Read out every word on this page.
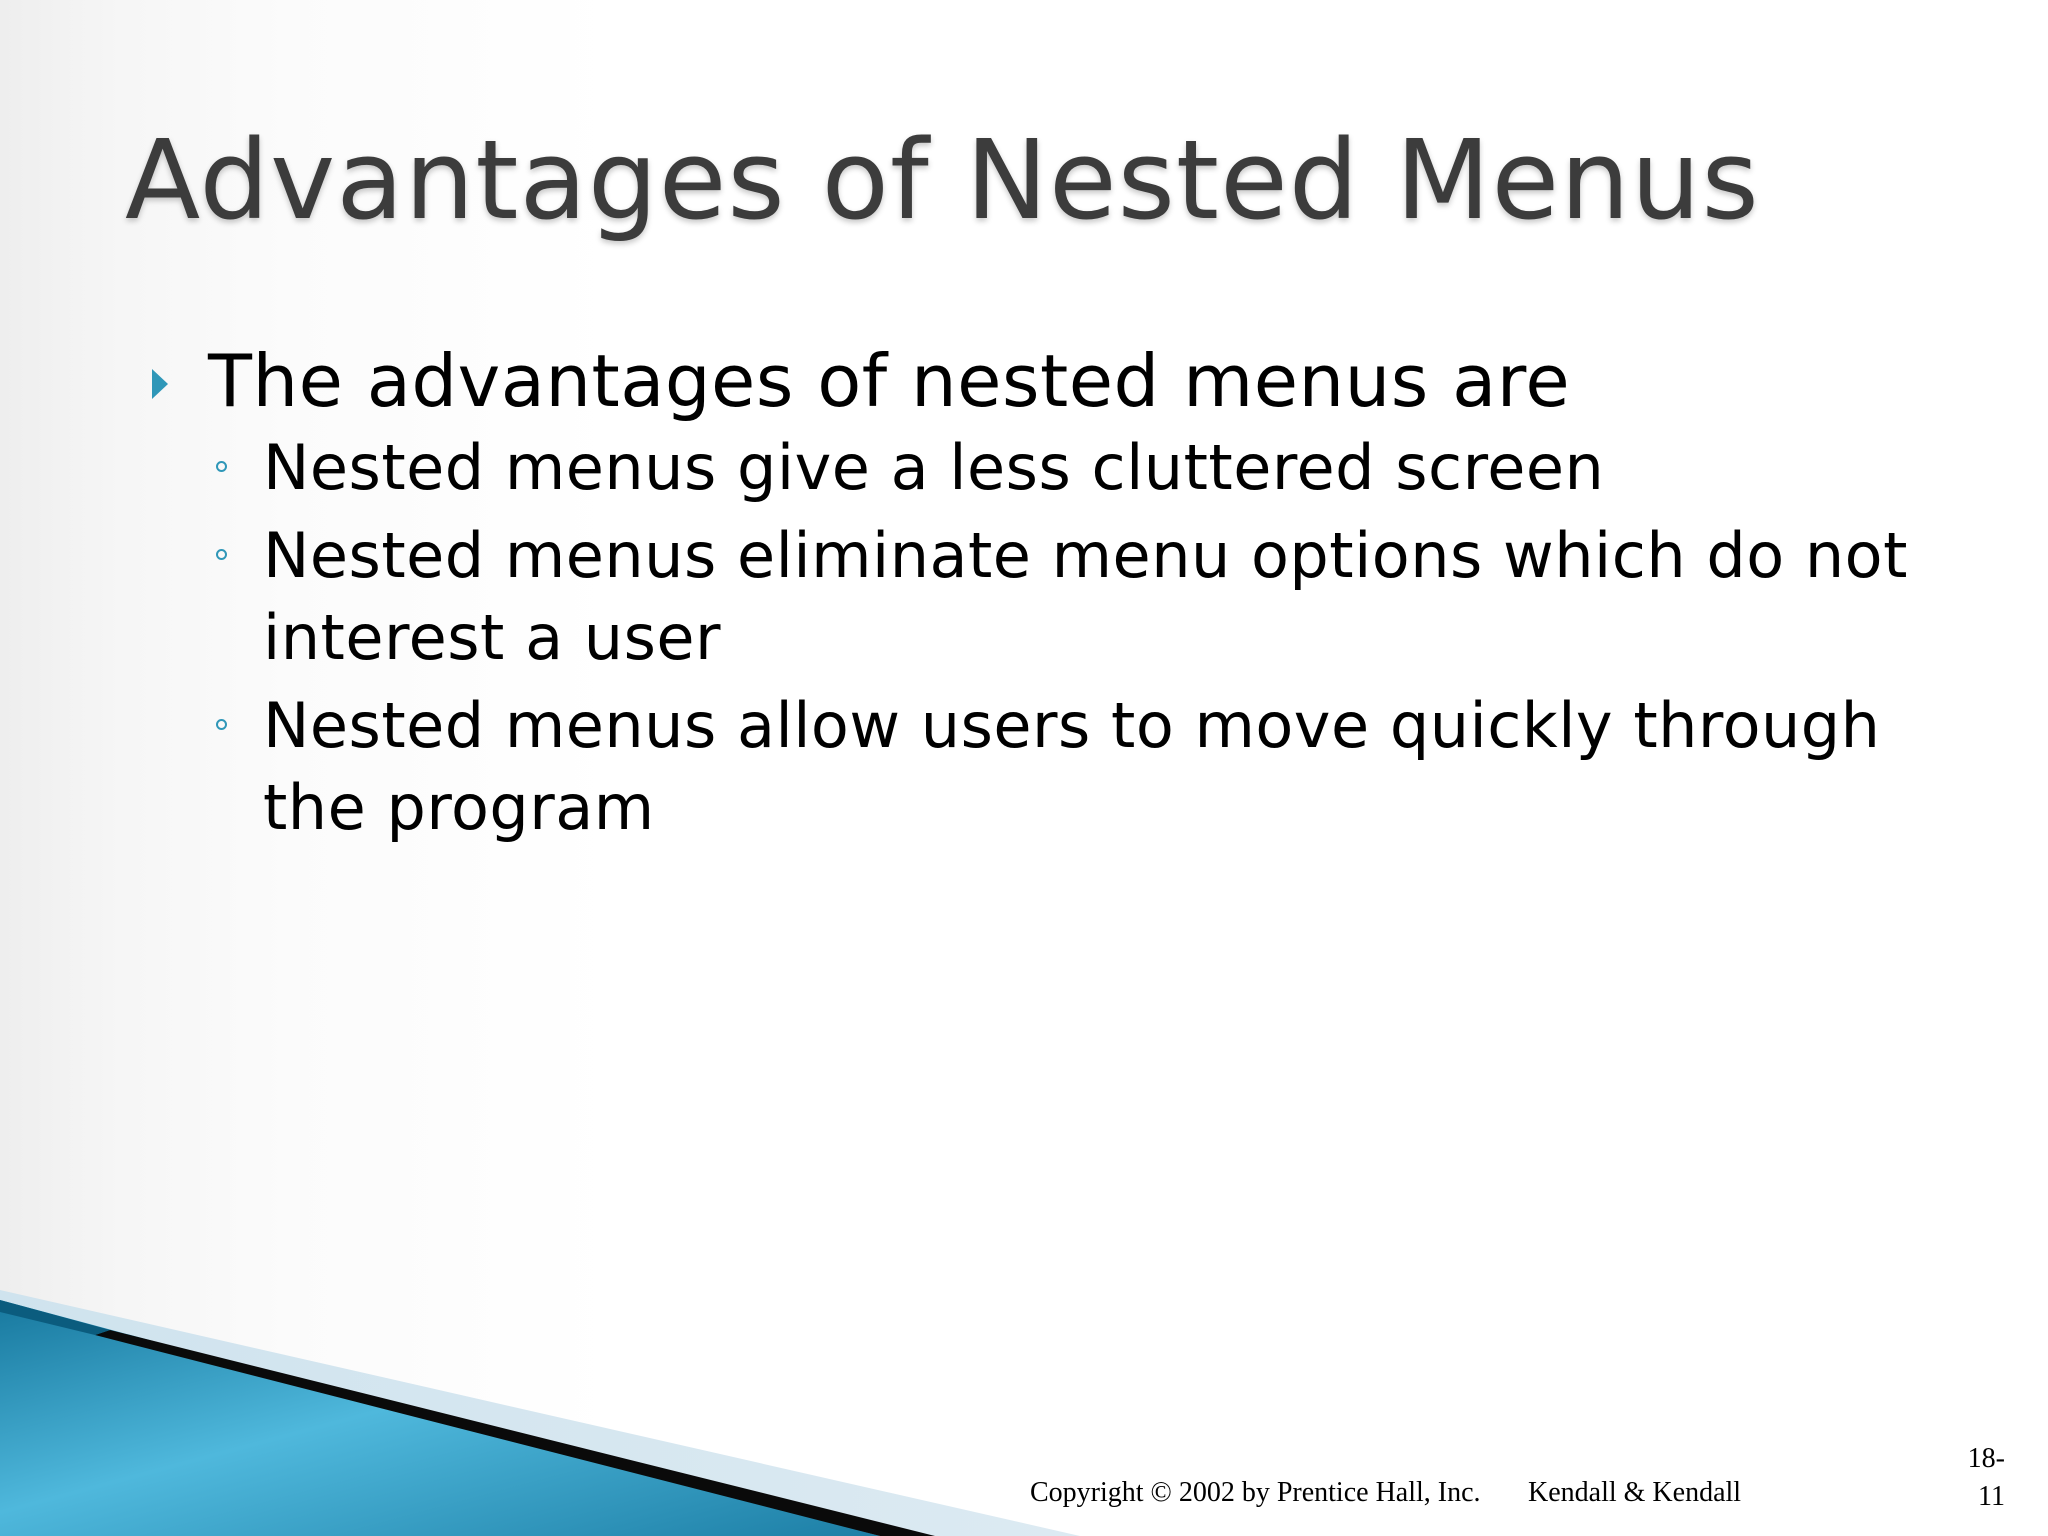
Advantages of Nested Menus
The advantages of nested menus are
Nested menus give a less cluttered screen
Nested menus eliminate menu options which do not interest a user
Nested menus allow users to move quickly through the program
Copyright © 2002 by Prentice Hall, Inc. Kendall & Kendall
18-
11
